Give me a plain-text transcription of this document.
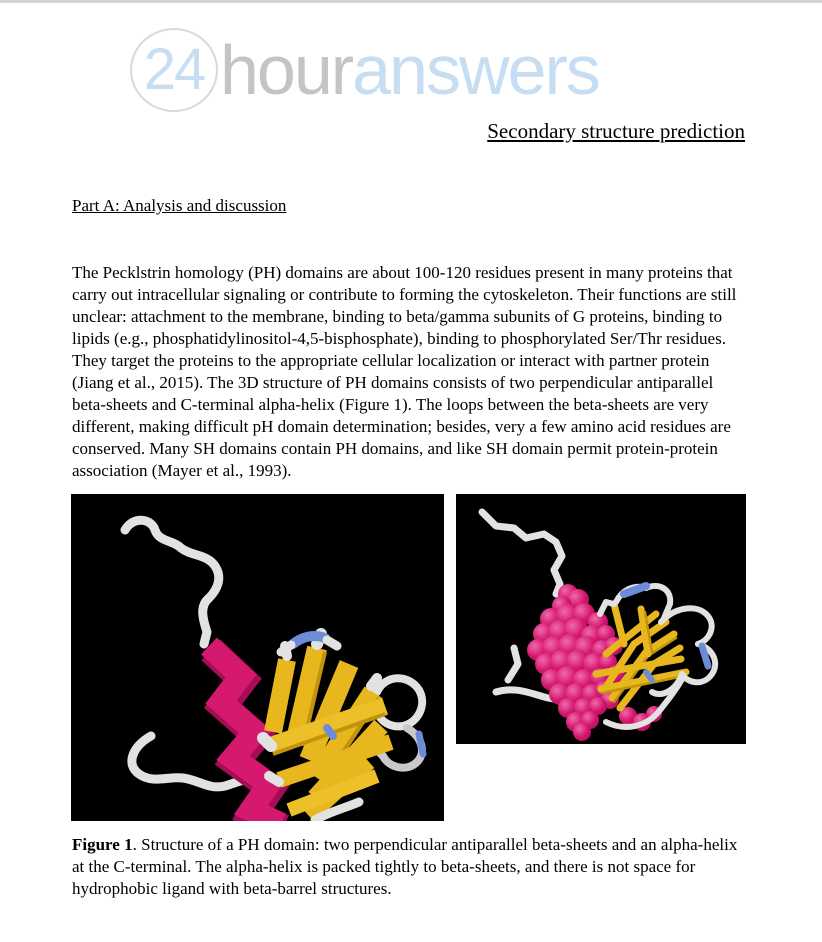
24 houranswers
Secondary structure prediction
Part A: Analysis and discussion

The Pecklstrin homology (PH) domains are about 100-120 residues present in many proteins that carry out intracellular signaling or contribute to forming the cytoskeleton. Their functions are still unclear: attachment to the membrane, binding to beta/gamma subunits of G proteins, binding to lipids (e.g., phosphatidylinositol-4,5-bisphosphate), binding to phosphorylated Ser/Thr residues. They target the proteins to the appropriate cellular localization or interact with partner protein (Jiang et al., 2015). The 3D structure of PH domains consists of two perpendicular antiparallel beta-sheets and C-terminal alpha-helix (Figure 1). The loops between the beta-sheets are very different, making difficult pH domain determination; besides, very a few amino acid residues are conserved. Many SH domains contain PH domains, and like SH domain permit protein-protein association (Mayer et al., 1993).

Figure 1. Structure of a PH domain: two perpendicular antiparallel beta-sheets and an alpha-helix at the C-terminal. The alpha-helix is packed tightly to beta-sheets, and there is not space for hydrophobic ligand with beta-barrel structures.
